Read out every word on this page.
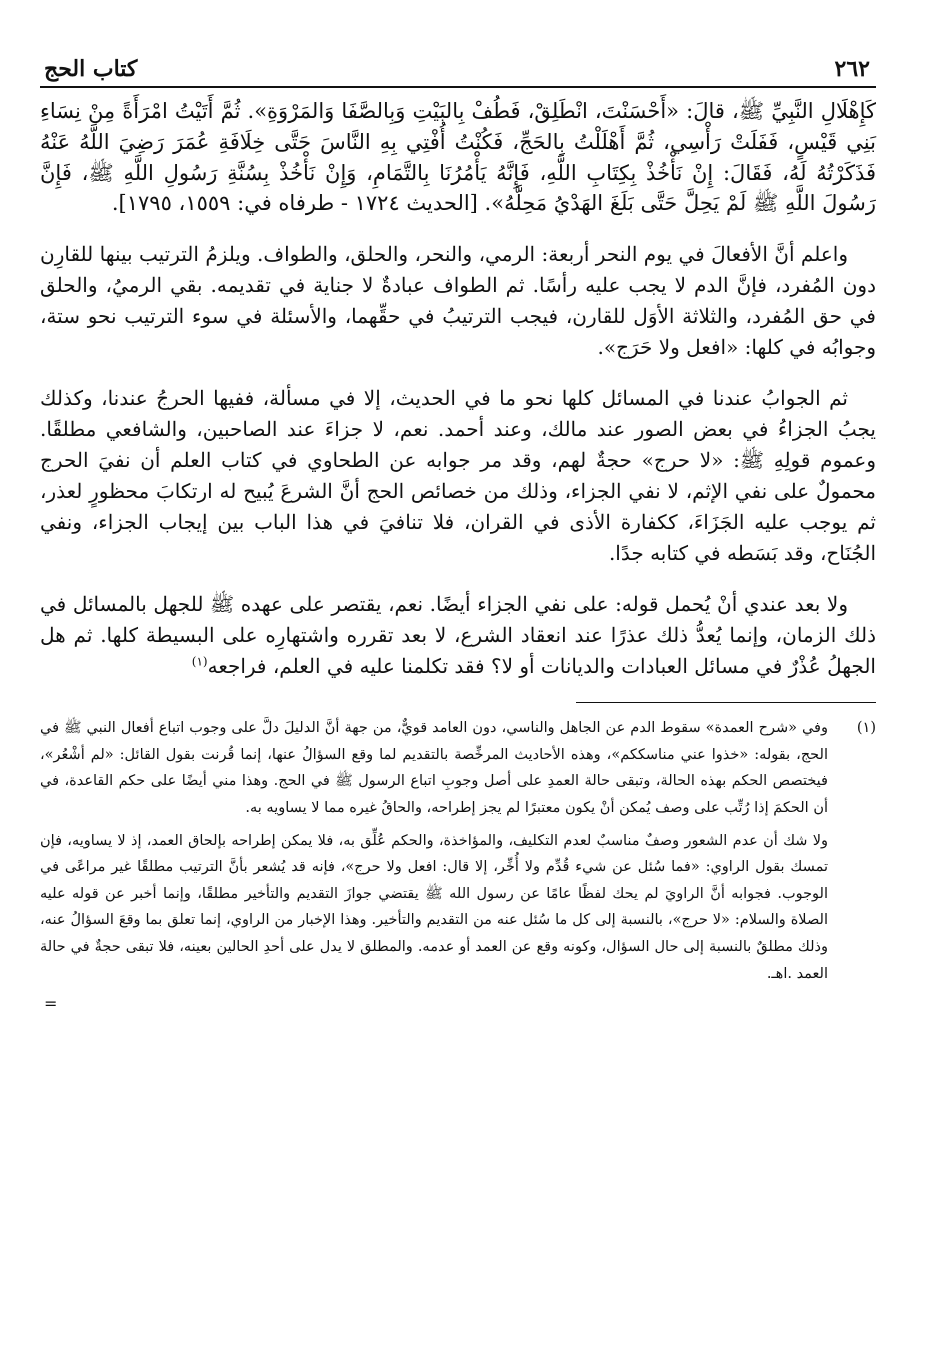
٢٦٢
كتاب الحج

كَإِهْلَالِ النَّبِيِّ ﷺ، قالَ: «أَحْسَنْتَ، انْطَلِقْ، فَطُفْ بِالبَيْتِ وَبِالصَّفَا وَالمَرْوَةِ». ثُمَّ أَتَيْتُ امْرَأَةً مِنْ نِسَاءِ بَنِي قَيْسٍ، فَفَلَتْ رَأْسِي، ثُمَّ أَهْلَلْتُ بِالحَجِّ، فَكُنْتُ أُفْتِي بِهِ النَّاسَ حَتَّى خِلَافَةِ عُمَرَ رَضِيَ اللَّهُ عَنْهُ فَذَكَرْتُهُ لَهُ، فَقَالَ: إِنْ نَأْخُذْ بِكِتَابِ اللَّهِ، فَإِنَّهُ يَأْمُرُنَا بِالتَّمَامِ، وَإِنْ نَأْخُذْ بِسُنَّةِ رَسُولِ اللَّهِ ﷺ، فَإِنَّ رَسُولَ اللَّهِ ﷺ لَمْ يَحِلَّ حَتَّى بَلَغَ الهَدْيُ مَحِلَّهُ». [الحديث ١٧٢٤ - طرفاه في: ١٥٥٩، ١٧٩٥].

واعلم أنَّ الأفعالَ في يوم النحر أربعة: الرمي، والنحر، والحلق، والطواف. ويلزمُ الترتيب بينها للقارِن دون المُفرد، فإنَّ الدم لا يجب عليه رأسًا. ثم الطواف عبادةٌ لا جناية في تقديمه. بقي الرميُ، والحلق في حق المُفرد، والثلاثة الأوَل للقارن، فيجب الترتيبُ في حقِّهما، والأسئلة في سوء الترتيب نحو ستة، وجوابُه في كلها: «افعل ولا حَرَج».

ثم الجوابُ عندنا في المسائل كلها نحو ما في الحديث، إلا في مسألة، ففيها الحرجُ عندنا، وكذلك يجبُ الجزاءُ في بعض الصور عند مالك، وعند أحمد. نعم، لا جزاءَ عند الصاحبين، والشافعي مطلقًا. وعموم قولِهِ ﷺ: «لا حرج» حجةٌ لهم، وقد مر جوابه عن الطحاوي في كتاب العلم أن نفيَ الحرج محمولٌ على نفي الإثم، لا نفي الجزاء، وذلك من خصائص الحج أنَّ الشرعَ يُبيح له ارتكابَ محظورٍ لعذر، ثم يوجب عليه الجَزَاءَ، ككفارة الأذى في القران، فلا تنافيَ في هذا الباب بين إيجاب الجزاء، ونفي الجُنَاح، وقد بَسَطه في كتابه جدًا.

ولا بعد عندي أنْ يُحمل قوله: على نفي الجزاء أيضًا. نعم، يقتصر على عهده ﷺ للجهل بالمسائل في ذلك الزمان، وإنما يُعدُّ ذلك عذرًا عند انعقاد الشرع، لا بعد تقرره واشتهارِه على البسيطة كلها. ثم هل الجهلُ عُذْرٌ في مسائل العبادات والديانات أو لا؟ فقد تكلمنا عليه في العلم، فراجعه$^{(١)}$

(١)

وفي «شرح العمدة» سقوط الدم عن الجاهل والناسي، دون العامد قويٌّ، من جهة أنَّ الدليلَ دلَّ على وجوب اتباع أفعال النبي ﷺ في الحج، بقوله: «خذوا عني مناسككم»، وهذه الأحاديث المرخِّصة بالتقديم لما وقع السؤالُ عنها، إنما قُرنت بقول القائل: «لم أشْعُر»، فيختصص الحكم بهذه الحالة، وتبقى حالة العمدِ على أصل وجوبِ اتباع الرسول ﷺ في الحج. وهذا مني أيضًا على حكم القاعدة، في أن الحكمَ إذا رُتِّب على وصف يُمكن أنْ يكون معتبرًا لم يجز إطراحه، والحاقُ غيره مما لا يساويه به.

ولا شك أن عدم الشعور وصفٌ مناسبٌ لعدم التكليف، والمؤاخذة، والحكم عُلِّق به، فلا يمكن إطراحه بإلحاق العمد، إذ لا يساويه، فإن تمسك بقول الراوي: «فما سُئل عن شيء قُدِّم ولا أُخِّر، إلا قال: افعل ولا حرج»، فإنه قد يُشعر بأنَّ الترتيب مطلقًا غير مراعًى في الوجوب. فجوابه أنَّ الراويَ لم يحك لفظًا عامًا عن رسول الله ﷺ يقتضي جوازَ التقديم والتأخير مطلقًا، وإنما أخبر عن قوله عليه الصلاة والسلام: «لا حرج»، بالنسبة إلى كل ما سُئل عنه من التقديم والتأخير. وهذا الإخبار من الراوي، إنما تعلق بما وقعَ السؤالُ عنه، وذلك مطلقٌ بالنسبة إلى حال السؤال، وكونه وقع عن العمد أو عدمه. والمطلق لا يدل على أحدِ الحالين بعينه، فلا تبقى حجةٌ في حالة العمد .اهـ.

=
